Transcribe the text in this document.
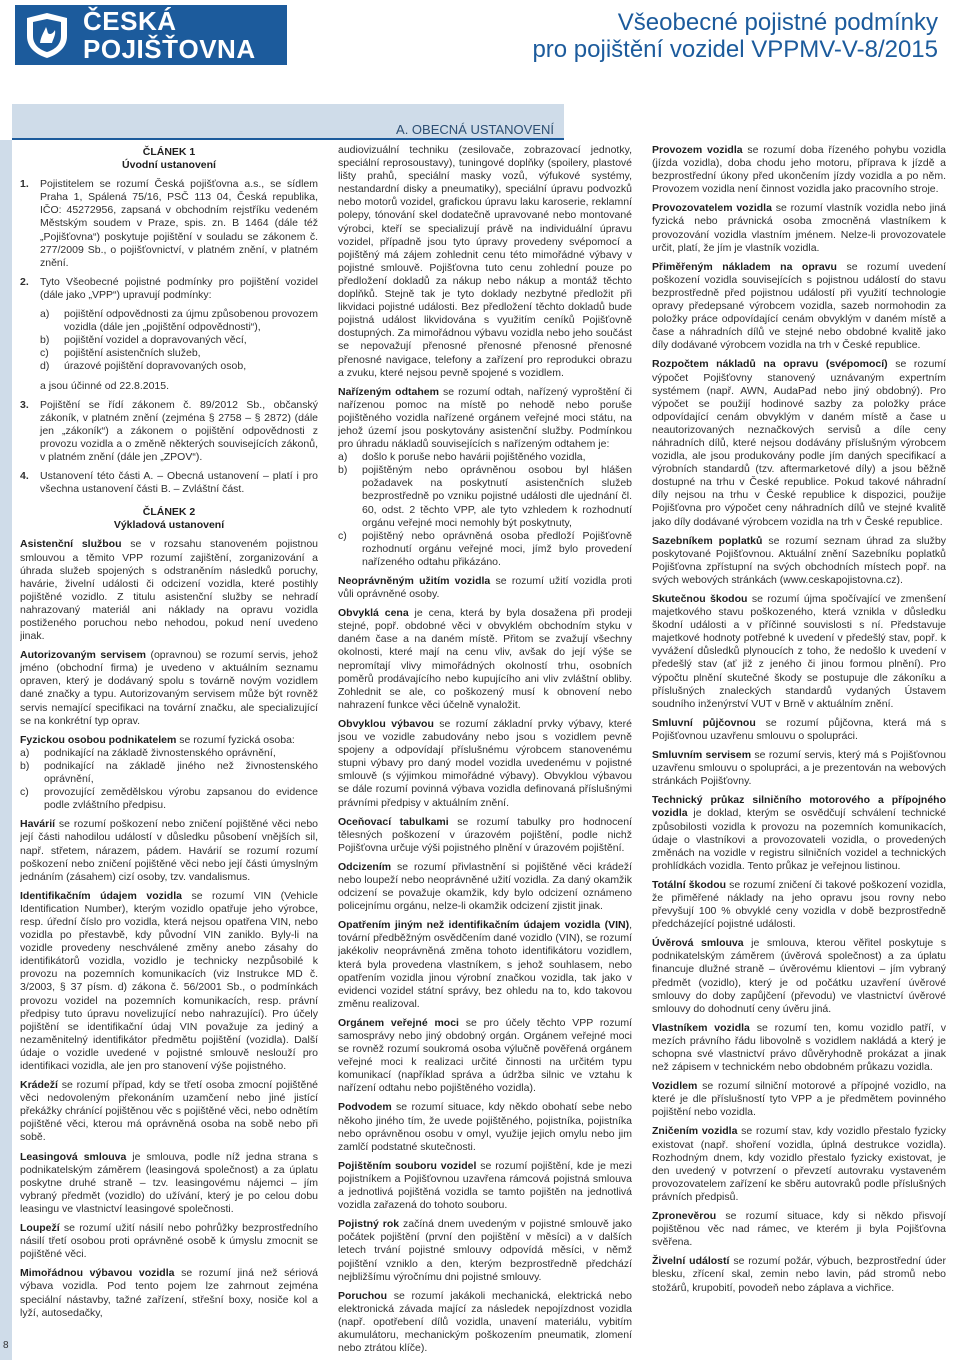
ČESKÁ
POJIŠŤOVNA
Všeobecné pojistné podmínky
pro pojištění vozidel VPPMV-V-8/2015
A. OBECNÁ USTANOVENÍ
8
ČLÁNEK 1
Úvodní ustanovení
1.	Pojistitelem se rozumí Česká pojišťovna a.s., se sídlem Praha 1, Spálená 75/16, PSČ 113 04, Česká republika, IČO: 45272956, zapsaná v obchodním rejstříku vedeném Městským soudem v Praze, spis. zn. B 1464 (dále též „Pojišťovna“) poskytuje pojištění v souladu se zákonem č. 277/2009 Sb., o pojišťovnictví, v platném znění, v platném znění.
2.	Tyto Všeobecné pojistné podmínky pro pojištění vozidel (dále jako „VPP“) upravují podmínky:
a)	pojištění odpovědnosti za újmu způsobenou provozem vozidla (dále jen „pojištění odpovědnosti“),
b)	pojištění vozidel a dopravovaných věcí,
c)	pojištění asistenčních služeb,
d)	úrazové pojištění dopravovaných osob,
a jsou účinné od 22.8.2015.
3.	Pojištění se řídí zákonem č. 89/2012 Sb., občanský zákoník, v platném znění (zejména § 2758 – § 2872) (dále jen „zákoník“) a zákonem o pojištění odpovědnosti z provozu vozidla a o změně některých souvisejících zákonů, v platném znění (dále jen „ZPOV“).
4.	Ustanovení této části A. – Obecná ustanovení – platí i pro všechna ustanovení části B. – Zvláštní část.
ČLÁNEK 2
Výkladová ustanovení

Asistenční službou se v rozsahu stanoveném pojistnou smlouvou a těmito VPP rozumí zajištění, zorganizování a úhrada služeb spojených s odstraněním následků poruchy, havárie, živelní události či odcizení vozidla, které postihly pojištěné vozidlo. Z titulu asistenční služby se nehradí nahrazovaný materiál ani náklady na opravu vozidla postiženého poruchou nebo nehodou, pokud není uvedeno jinak.

Autorizovaným servisem (opravnou) se rozumí servis, jehož jméno (obchodní firma) je uvedeno v aktuálním seznamu opraven, který je dodávaný spolu s továrně novým vozidlem dané značky a typu. Autorizovaným servisem může být rovněž servis nemající specifikaci na tovární značku, ale specializující se na konkrétní typ oprav.

Fyzickou osobou podnikatelem se rozumí fyzická osoba:

a)	podnikající na základě živnostenského oprávnění,
b)	podnikající na základě jiného než živnostenského oprávnění,
c)	provozující zemědělskou výrobu zapsanou do evidence podle zvláštního předpisu.

Havárií se rozumí poškození nebo zničení pojištěné věci nebo její části nahodilou událostí v důsledku působení vnějších sil, např. střetem, nárazem, pádem. Havárií se rozumí rozumí poškození nebo zničení pojištěné věci nebo její části úmyslným jednáním (zásahem) cizí osoby, tzv. vandalismus.

Identifikačním údajem vozidla se rozumí VIN (Vehicle Identification Number), kterým vozidlo opatřuje jeho výrobce, resp. úřední číslo pro vozidla, která nejsou opatřena VIN, nebo vozidla po přestavbě, kdy původní VIN zaniklo. Byly-li na vozidle provedeny neschválené změny anebo zásahy do identifikátorů vozidla, vozidlo je technicky nezpůsobilé k provozu na pozemních komunikacích (viz Instrukce MD č. 3/2003, § 37 písm. d) zákona č. 56/2001 Sb., o podmínkách provozu vozidel na pozemních komunikacích, resp. právní předpisy tuto úpravu novelizující nebo nahrazující). Pro účely pojištění se identifikační údaj VIN považuje za jediný a nezaměnitelný identifikátor předmětu pojištění (vozidla). Další údaje o vozidle uvedené v pojistné smlouvě neslouží pro identifikaci vozidla, ale jen pro stanovení výše pojistného.

Krádeží se rozumí případ, kdy se třetí osoba zmocní pojištěné věci nedovoleným překonáním uzamčení nebo jiné jistící překážky chránící pojištěnou věc s pojištěné věci, nebo odnětím pojištěné věci, kterou má oprávněná osoba na sobě nebo při sobě.

Leasingová smlouva je smlouva, podle níž jedna strana s podnikatelským záměrem (leasingová společnost) a za úplatu poskytne druhé straně – tzv. leasingovému nájemci – jím vybraný předmět (vozidlo) do užívání, který je po celou dobu leasingu ve vlastnictví leasingové společnosti.

Loupeží se rozumí užití násilí nebo pohrůžky bezprostředního násilí třetí osobou proti oprávněné osobě k úmyslu zmocnit se pojištěné věci.

Mimořádnou výbavou vozidla se rozumí jiná než sériová výbava vozidla. Pod tento pojem lze zahrnout zejména speciální nástavby, tažné zařízení, střešní boxy, nosiče kol a lyží, autosedačky,

audiovizuální techniku (zesilovače, zobrazovací jednotky, speciální reprosoustavy), tuningové doplňky (spoilery, plastové lišty prahů, speciální masky vozů, výfukové systémy, nestandardní disky a pneumatiky), speciální úpravu podvozků nebo motorů vozidel, grafickou úpravu laku karoserie, reklamní polepy, tónování skel dodatečně upravované nebo montované výrobci, kteří se specializují právě na individuální úpravu vozidel, případně jsou tyto úpravy provedeny svépomocí a pojištěný má zájem zohlednit cenu této mimořádné výbavy v pojistné smlouvě. Pojišťovna tuto cenu zohlední pouze po předložení dokladů za nákup nebo nákup a montáž těchto doplňků. Stejně tak je tyto doklady nezbytné předložit při likvidaci pojistné události. Bez předložení těchto dokladů bude pojistná událost likvidována s využitím ceníků Pojišťovně dostupných. Za mimořádnou výbavu vozidla nebo jeho součást se nepovažují přenosné přenosné přenosné přenosné přenosné navigace, telefony a zařízení pro reprodukci obrazu a zvuku, které nejsou pevně spojené s vozidlem.

Nařízeným odtahem se rozumí odtah, nařízený vyproštění či nařízenou pomoc na místě po nehodě nebo poruše pojištěného vozidla nařízené orgánem veřejné moci státu, na jehož území jsou poskytovány asistenční služby. Podmínkou pro úhradu nákladů souvisejících s nařízeným odtahem je:

a)	došlo k poruše nebo havárii pojištěného vozidla,
b)	pojištěným nebo oprávněnou osobou byl hlášen požadavek na poskytnutí asistenčních služeb bezprostředně po vzniku pojistné události dle ujednání čl. 60, odst. 2 těchto VPP, ale tyto vzhledem k rozhodnutí orgánu veřejné moci nemohly být poskytnuty,
c)	pojištěný nebo oprávněná osoba předloží Pojišťovně rozhodnutí orgánu veřejné moci, jímž bylo provedení nařízeného odtahu přikázáno.

Neoprávněným užitím vozidla se rozumí užití vozidla proti vůli oprávněné osoby.

Obvyklá cena je cena, která by byla dosažena při prodeji stejné, popř. obdobné věci v obvyklém obchodním styku v daném čase a na daném místě. Přitom se zvažují všechny okolnosti, které mají na cenu vliv, avšak do její výše se nepromítají vlivy mimořádných okolností trhu, osobních poměrů prodávajícího nebo kupujícího ani vliv zvláštní obliby. Zohlednit se ale, co poškozený musí k obnovení nebo nahrazení funkce věci účelně vynaložit.

Obvyklou výbavou se rozumí základní prvky výbavy, které jsou ve vozidle zabudovány nebo jsou s vozidlem pevně spojeny a odpovídají příslušnému výrobcem stanovenému stupni výbavy pro daný model vozidla uvedenému v pojistné smlouvě (s výjimkou mimořádné výbavy). Obvyklou výbavou se dále rozumí povinná výbava vozidla definovaná příslušnými právními předpisy v aktuálním znění.

Oceňovací tabulkami se rozumí tabulky pro hodnocení tělesných poškození v úrazovém pojištění, podle nichž Pojišťovna určuje výši pojistného plnění v úrazovém pojištění.

Odcizením se rozumí přivlastnění si pojištěné věci krádeží nebo loupeží nebo neoprávněné užití vozidla. Za daný okamžik odcizení se považuje okamžik, kdy bylo odcizení oznámeno policejnímu orgánu, nelze-li okamžik odcizení zjistit jinak.

Opatřením jiným než identifikačním údajem vozidla (VIN), tovární předběžným osvědčením dané vozidlo (VIN), se rozumí jakékoliv neoprávněná změna tohoto identifikátoru vozidlem, která byla provedena vlastníkem, s jehož souhlasem, nebo opatřením vozidla jinou výrobní značkou vozidla, tak jako v evidenci vozidel státní správy, bez ohledu na to, kdo takovou změnu realizoval.

Orgánem veřejné moci se pro účely těchto VPP rozumí samosprávy nebo jiný obdobný orgán. Orgánem veřejné moci se rovněž rozumí soukromá osoba výlučně pověřená orgánem veřejné moci k realizaci určité činnosti na určitém typu komunikací (například správa a údržba silnic ve vztahu k nařízení odtahu nebo pojištěného vozidla).

Podvodem se rozumí situace, kdy někdo obohatí sebe nebo někoho jiného tím, že uvede pojištěného, pojistníka, pojistníka nebo oprávněnou osobu v omyl, využije jejich omylu nebo jim zamlčí podstatné skutečnosti.

Pojištěním souboru vozidel se rozumí pojištění, kde je mezi pojistníkem a Pojišťovnou uzavřena rámcová pojistná smlouva a jednotlivá pojištěná vozidla se tamto pojištěn na jednotlivá vozidla zařazená do tohoto souboru.

Pojistný rok začíná dnem uvedeným v pojistné smlouvě jako počátek pojištění (první den pojištění v měsíci) a v dalších letech trvání pojistné smlouvy odpovídá měsíci, v němž pojištění vzniklo a den, kterým bezprostředně předchází nejbližšímu výročnímu dni pojistné smlouvy.

Poruchou se rozumí jakákoli mechanická, elektrická nebo elektronická závada mající za následek nepojízdnost vozidla (např. opotřebení dílů vozidla, unavení materiálu, vybitím akumulátoru, mechanickým poškozením pneumatik, zlomení nebo ztrátou klíče).

Provozem vozidla se rozumí doba řízeného pohybu vozidla (jízda vozidla), doba chodu jeho motoru, příprava k jízdě a bezprostřední úkony před ukončením jízdy vozidla a po něm. Provozem vozidla není činnost vozidla jako pracovního stroje.

Provozovatelem vozidla se rozumí vlastník vozidla nebo jiná fyzická nebo právnická osoba zmocněná vlastníkem k provozování vozidla vlastním jménem. Nelze-li provozovatele určit, platí, že jím je vlastník vozidla.

Přiměřeným nákladem na opravu se rozumí uvedení poškození vozidla souvisejících s pojistnou událostí do stavu bezprostředně před pojistnou událostí při využití technologie opravy předepsané výrobcem vozidla, sazeb normohodin za položky práce odpovídající cenám obvyklým v daném místě a čase a náhradních dílů ve stejné nebo obdobné kvalitě jako díly dodávané výrobcem vozidla na trh v České republice.

Rozpočtem nákladů na opravu (svépomocí) se rozumí výpočet Pojišťovny stanovený uznávaným expertním systémem (např. AWN, AudaPad nebo jiný obdobný). Pro výpočet se použijí hodinové sazby za položky práce odpovídající cenám obvyklým v daném místě a čase u neautorizovaných neznačkových servisů a díle ceny náhradních dílů, které nejsou dodávány příslušným výrobcem vozidla, ale jsou produkovány podle jím daných specifikací a výrobních standardů (tzv. aftermarketové díly) a jsou běžně dostupné na trhu v České republice. Pokud takové náhradní díly nejsou na trhu v České republice k dispozici, použije Pojišťovna pro výpočet ceny náhradních dílů ve stejné kvalitě jako díly dodávané výrobcem vozidla na trh v České republice.

Sazebníkem poplatků se rozumí seznam úhrad za služby poskytované Pojišťovnou. Aktuální znění Sazebníku poplatků Pojišťovna zpřístupní na svých obchodních místech popř. na svých webových stránkách (www.ceskapojistovna.cz).

Skutečnou škodou se rozumí újma spočívající ve zmenšení majetkového stavu poškozeného, která vznikla v důsledku škodní události a v příčinné souvislosti s ní. Představuje majetkové hodnoty potřebné k uvedení v předešlý stav, popř. k vyvážení důsledků plynoucích z toho, že nedošlo k uvedení v předešlý stav (ať již z jeného či jinou formou plnění). Pro výpočtu plnění skutečné škody se postupuje dle zákoníku a příslušných znaleckých standardů vydaných Ústavem soudního inženýrství VUT v Brně v aktuálním znění.

Smluvní půjčovnou se rozumí půjčovna, která má s Pojišťovnou uzavřenu smlouvu o spolupráci.

Smluvním servisem se rozumí servis, který má s Pojišťovnou uzavřenu smlouvu o spolupráci, a je prezentován na webových stránkách Pojišťovny.

Technický průkaz silničního motorového a přípojného vozidla je doklad, kterým se osvědčují schválení technické způsobilosti vozidla k provozu na pozemních komunikacích, údaje o vlastníkovi a provozovateli vozidla, o provedených změnách na vozidle v registru silničních vozidel a technických prohlídkách vozidla. Tento průkaz je veřejnou listinou.

Totální škodou se rozumí zničení či takové poškození vozidla, že přiměřené náklady na jeho opravu jsou rovny nebo převyšují 100 % obvyklé ceny vozidla v době bezprostředně předcházející pojistné události.

Úvěrová smlouva je smlouva, kterou věřitel poskytuje s podnikatelským záměrem (úvěrová společnost) a za úplatu financuje dlužné straně – úvěrovému klientovi – jím vybraný předmět (vozidlo), který je od počátku uzavření úvěrové smlouvy do doby zapůjčení (převodu) ve vlastnictví úvěrové smlouvy do dohodnutí ceny úvěru jiná.

Vlastníkem vozidla se rozumí ten, komu vozidlo patří, v mezích právního řádu libovolně s vozidlem nakládá a který je schopna své vlastnictví právo důvěryhodně prokázat a jinak než zápisem v technickém nebo obdobném průkazu vozidla.

Vozidlem se rozumí silniční motorové a přípojné vozidlo, na které je dle příslušností tyto VPP a je předmětem povinného pojištění nebo vozidla.

Zničením vozidla se rozumí stav, kdy vozidlo přestalo fyzicky existovat (např. shoření vozidla, úplná destrukce vozidla). Rozhodným dnem, kdy vozidlo přestalo fyzicky existovat, je den uvedený v potvrzení o převzetí autovraku vystaveném provozovatelem zařízení ke sběru autovraků podle příslušných právních předpisů.

Zpronevěrou se rozumí situace, kdy si někdo přisvojí pojištěnou věc nad rámec, ve kterém ji byla Pojišťovna svěřena.

Živelní událostí se rozumí požár, výbuch, bezprostřední úder blesku, zřícení skal, zemin nebo lavin, pád stromů nebo stožárů, krupobití, povodeň nebo záplava a vichřice.
